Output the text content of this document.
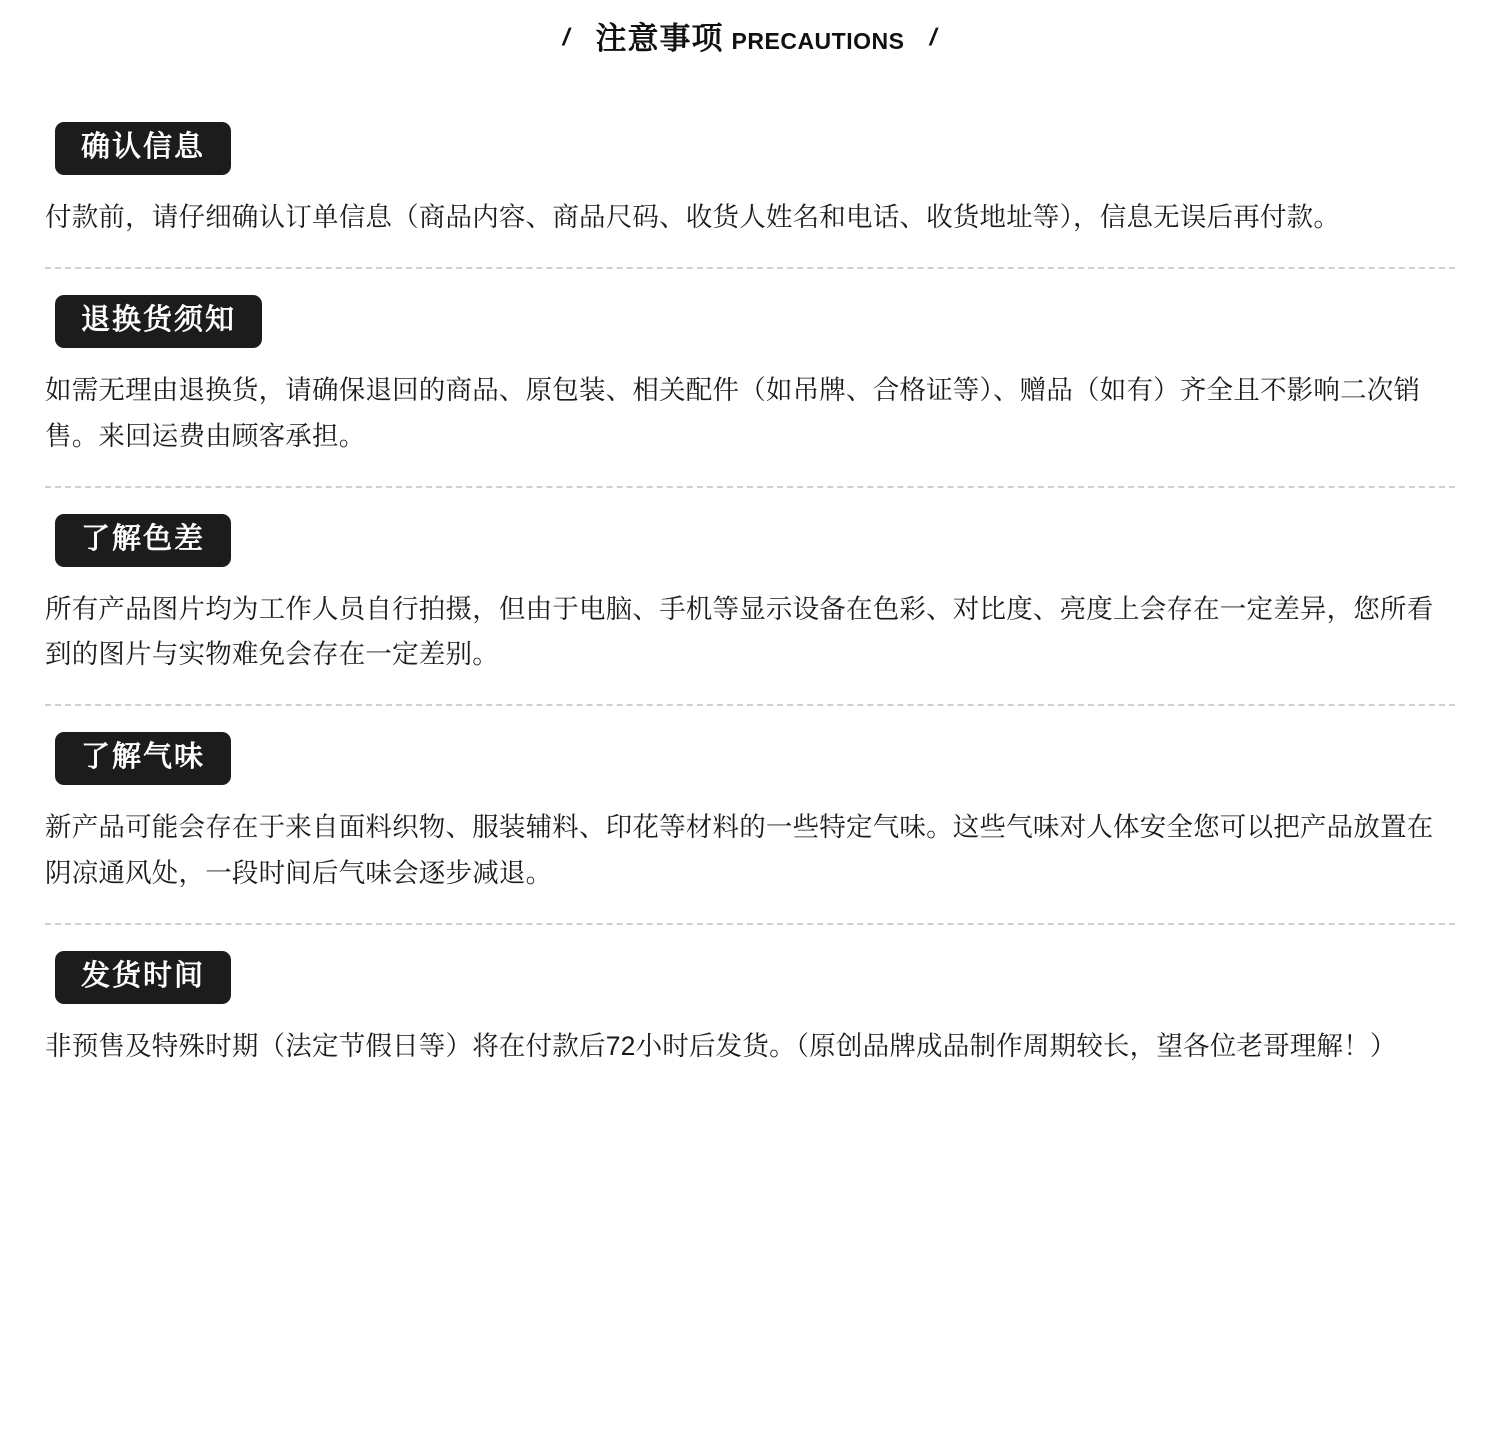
/ 注意事项 PRECAUTIONS /
确认信息

付款前，请仔细确认订单信息（商品内容、商品尺码、收货人姓名和电话、收货地址等），信息无误后再付款。

退换货须知

如需无理由退换货，请确保退回的商品、原包装、相关配件（如吊牌、合格证等）、赠品（如有）齐全且不影响二次销售。来回运费由顾客承担。

了解色差

所有产品图片均为工作人员自行拍摄，但由于电脑、手机等显示设备在色彩、对比度、亮度上会存在一定差异，您所看到的图片与实物难免会存在一定差别。

了解气味

新产品可能会存在于来自面料织物、服装辅料、印花等材料的一些特定气味。这些气味对人体安全您可以把产品放置在阴凉通风处，一段时间后气味会逐步减退。

发货时间

非预售及特殊时期（法定节假日等）将在付款后72小时后发货。（原创品牌成品制作周期较长，望各位老哥理解！）
